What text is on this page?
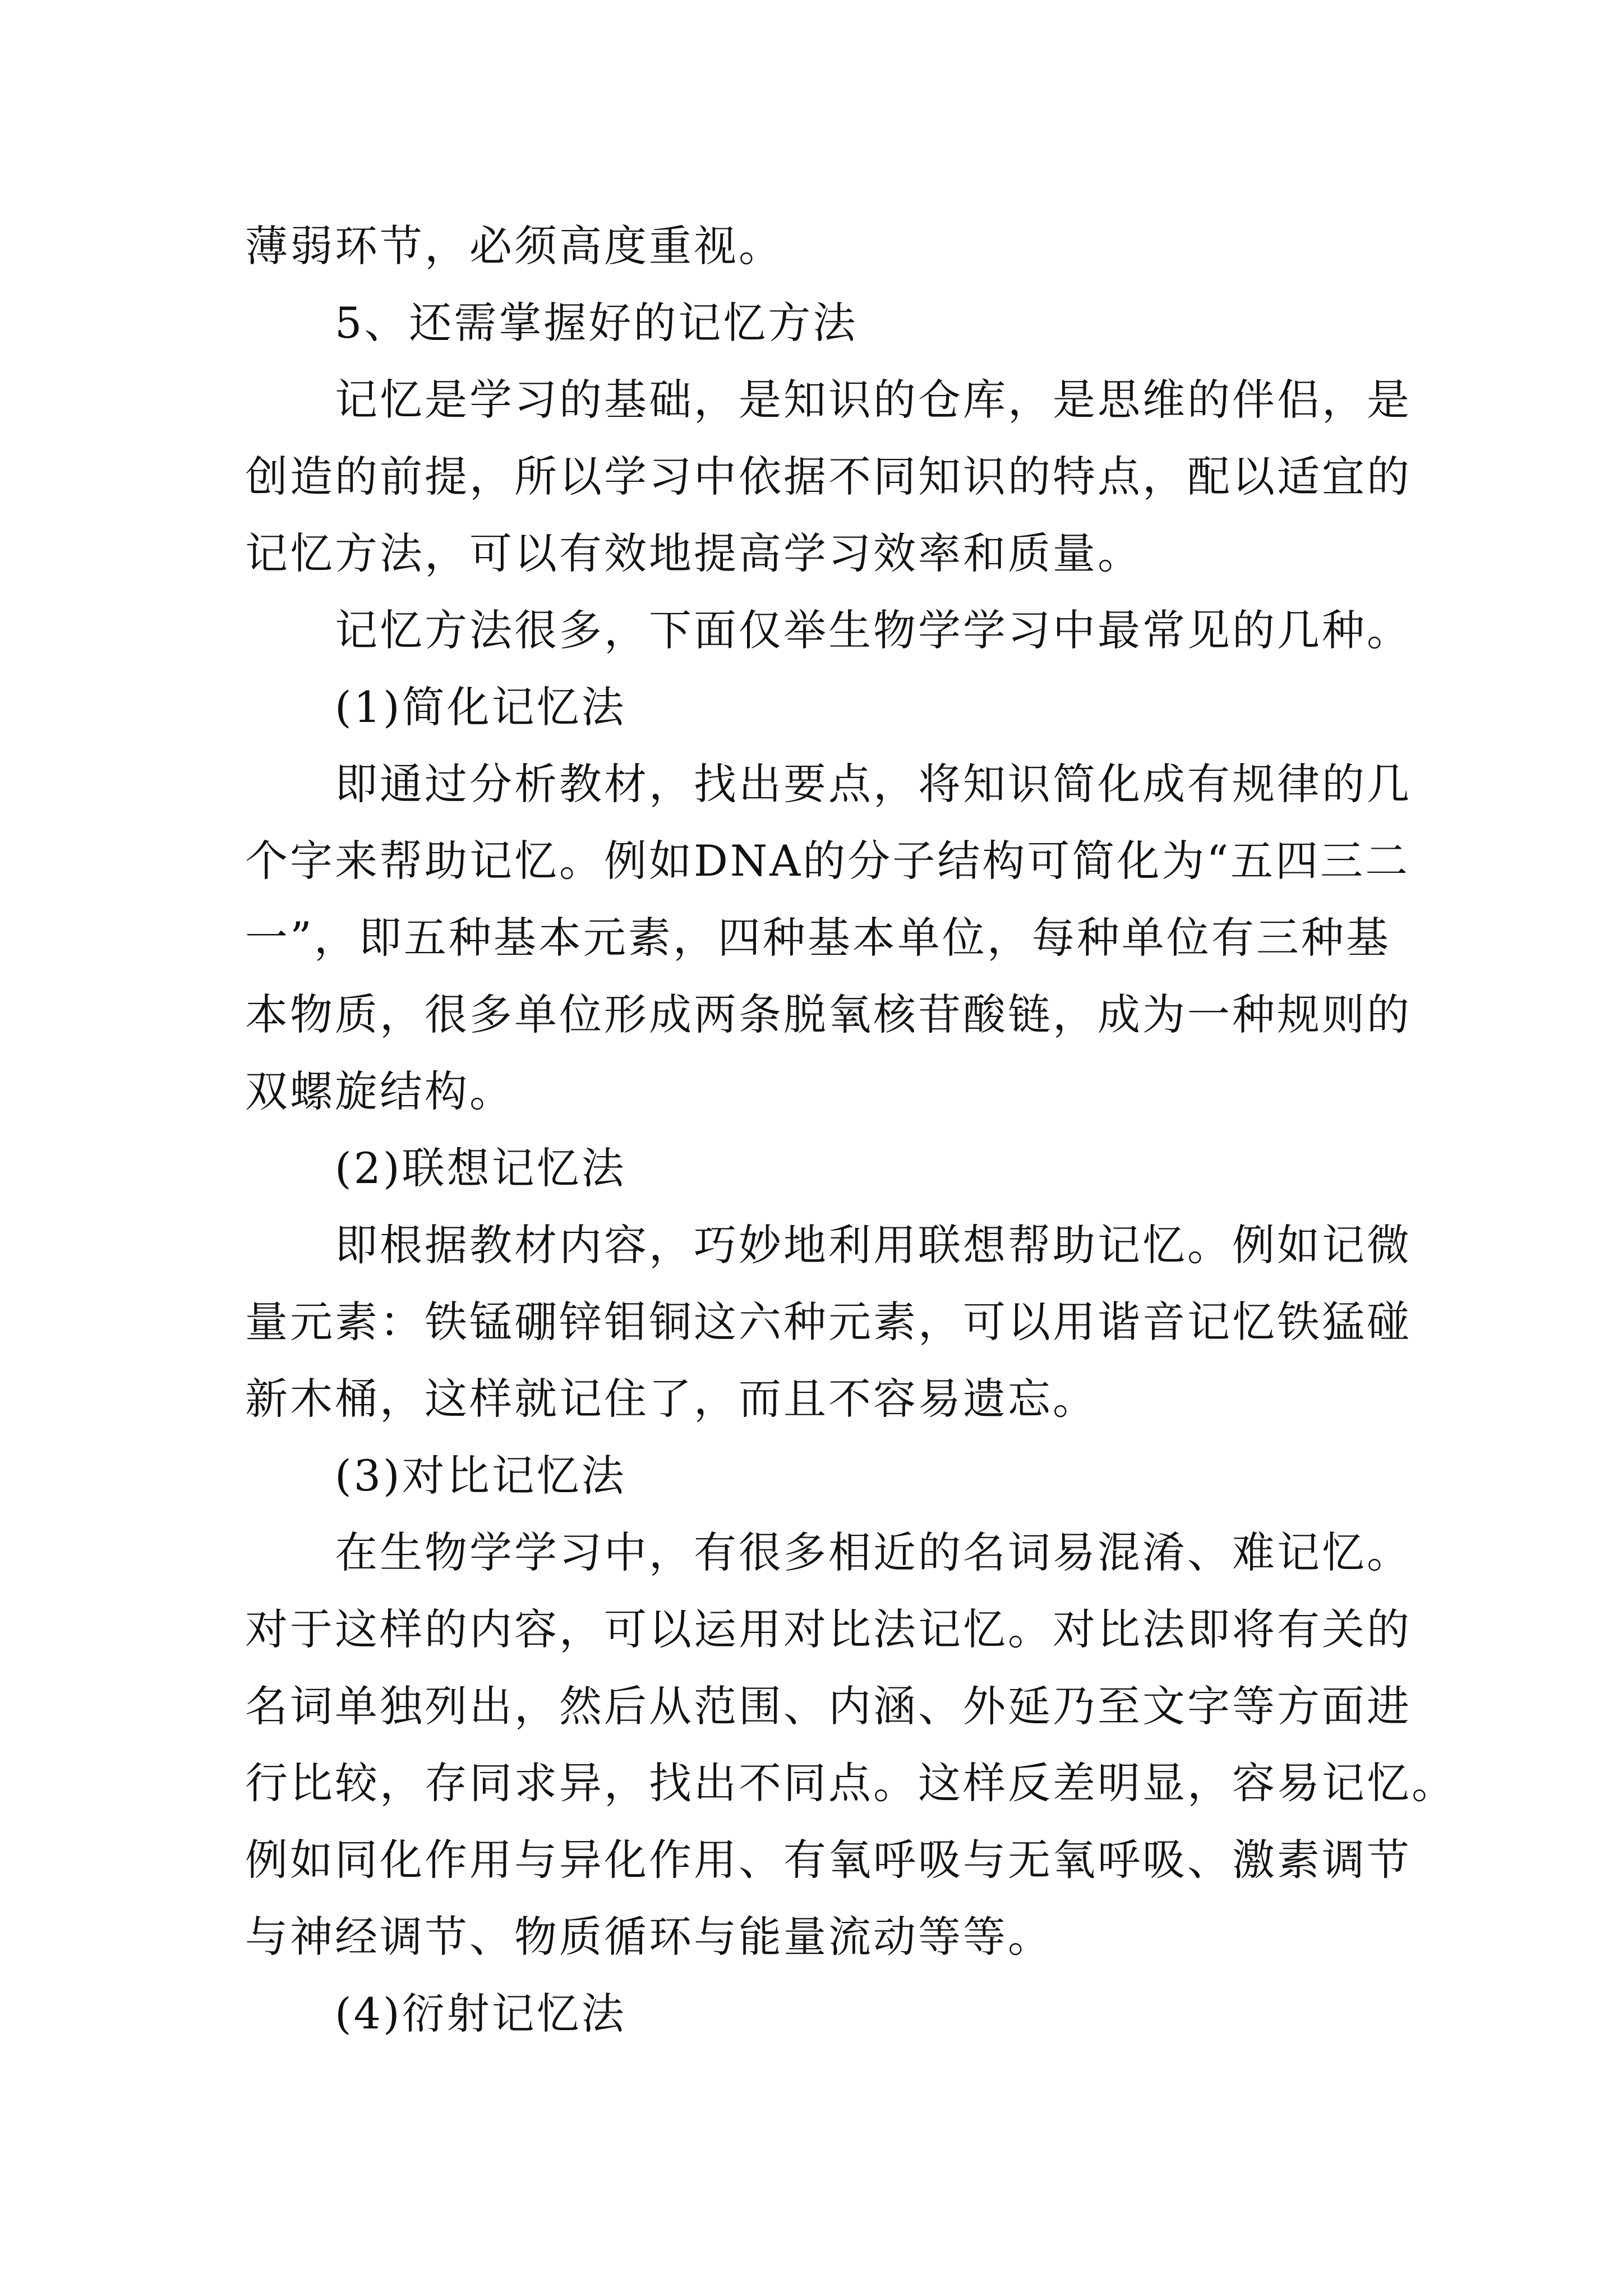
薄弱环节，必须高度重视。
5、还需掌握好的记忆方法
记忆是学习的基础，是知识的仓库，是思维的伴侣，是
创造的前提，所以学习中依据不同知识的特点，配以适宜的
记忆方法，可以有效地提高学习效率和质量。
记忆方法很多，下面仅举生物学学习中最常见的几种。
(1)简化记忆法
即通过分析教材，找出要点，将知识简化成有规律的几
个字来帮助记忆。例如DNA的分子结构可简化为“五四三二
一”，即五种基本元素，四种基本单位，每种单位有三种基
本物质，很多单位形成两条脱氧核苷酸链，成为一种规则的
双螺旋结构。
(2)联想记忆法
即根据教材内容，巧妙地利用联想帮助记忆。例如记微
量元素：铁锰硼锌钼铜这六种元素，可以用谐音记忆铁猛碰
新木桶，这样就记住了，而且不容易遗忘。
(3)对比记忆法
在生物学学习中，有很多相近的名词易混淆、难记忆。
对于这样的内容，可以运用对比法记忆。对比法即将有关的
名词单独列出，然后从范围、内涵、外延乃至文字等方面进
行比较，存同求异，找出不同点。这样反差明显，容易记忆。
例如同化作用与异化作用、有氧呼吸与无氧呼吸、激素调节
与神经调节、物质循环与能量流动等等。
(4)衍射记忆法
